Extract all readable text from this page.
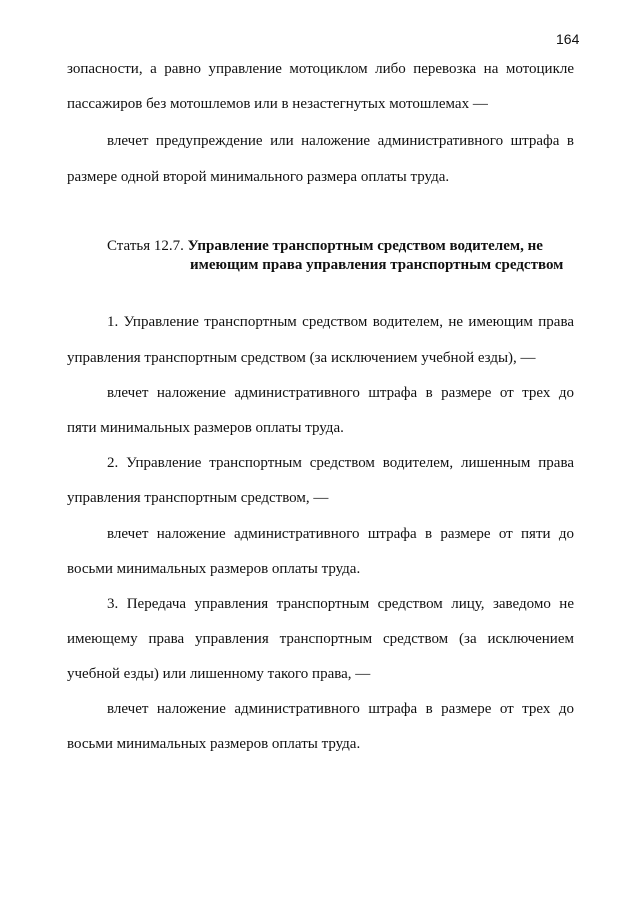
164
зопасности, а равно управление мотоциклом либо перевозка на мотоцикле
пассажиров без мотошлемов или в незастегнутых мотошлемах —
влечет предупреждение или наложение административного штрафа в
размере одной второй минимального размера оплаты труда.
Статья 12.7. Управление транспортным средством водителем, не
имеющим права управления транспортным средством
1. Управление транспортным средством водителем, не имеющим права
управления транспортным средством (за исключением учебной езды), —
влечет наложение административного штрафа в размере от трех до
пяти минимальных размеров оплаты труда.
2. Управление транспортным средством водителем, лишенным права
управления транспортным средством, —
влечет наложение административного штрафа в размере от пяти до
восьми минимальных размеров оплаты труда.
3. Передача управления транспортным средством лицу, заведомо не
имеющему права управления транспортным средством (за исключением
учебной езды) или лишенному такого права, —
влечет наложение административного штрафа в размере от трех до
восьми минимальных размеров оплаты труда.
